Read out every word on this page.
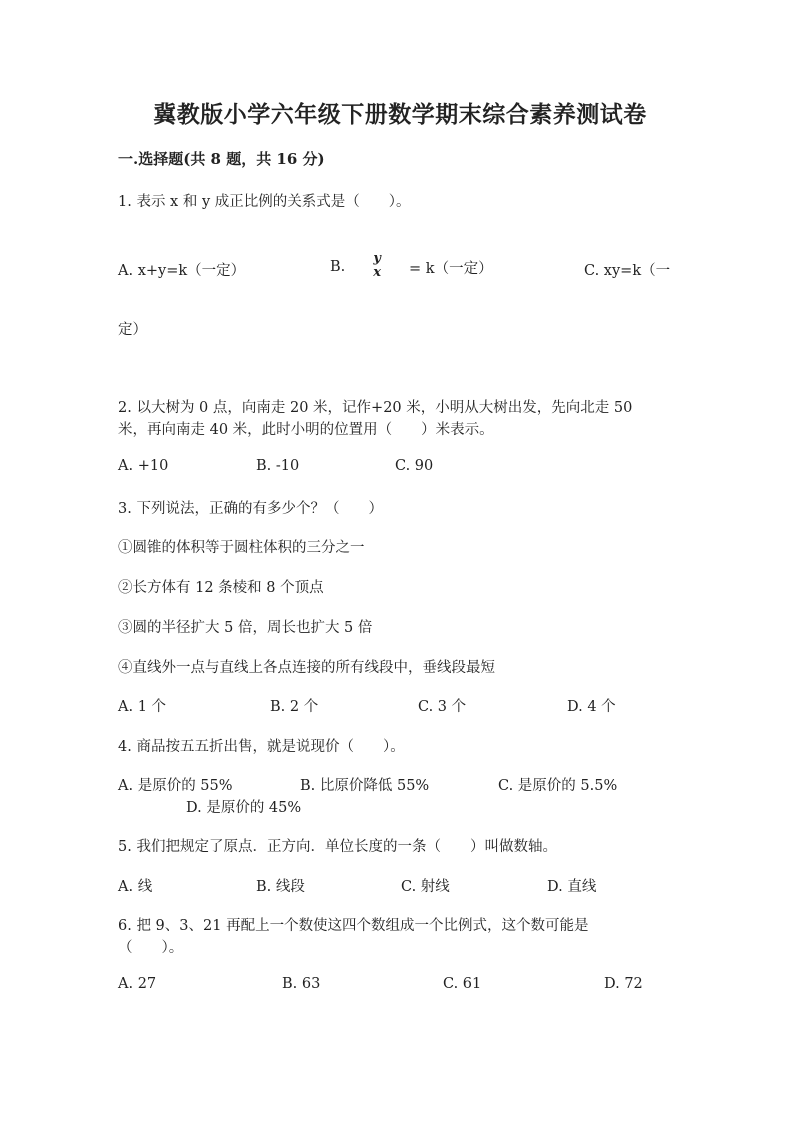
冀教版小学六年级下册数学期末综合素养测试卷
一.选择题(共 8 题，共 16 分)
1. 表示 x 和 y 成正比例的关系式是（　　）。
A. x+y=k（一定）	B.
y
x = k（一定）	C. xy=k（一
定）
2. 以大树为 0 点，向南走 20 米，记作+20 米，小明从大树出发，先向北走 50
米，再向南走 40 米，此时小明的位置用（　　）米表示。
A. +10	B. -10	C. 90
3. 下列说法，正确的有多少个？（　　）
①圆锥的体积等于圆柱体积的三分之一
②长方体有 12 条棱和 8 个顶点
③圆的半径扩大 5 倍，周长也扩大 5 倍
④直线外一点与直线上各点连接的所有线段中，垂线段最短
A. 1 个	B. 2 个	C. 3 个	D. 4 个
4. 商品按五五折出售，就是说现价（　　）。
A. 是原价的 55%	B. 比原价降低 55%	C. 是原价的 5.5%
D. 是原价的 45%
5. 我们把规定了原点．正方向．单位长度的一条（　　）叫做数轴。
A. 线	B. 线段	C. 射线	D. 直线
6. 把 9、3、21 再配上一个数使这四个数组成一个比例式，这个数可能是
（　　）。
A. 27	B. 63	C. 61	D. 72
